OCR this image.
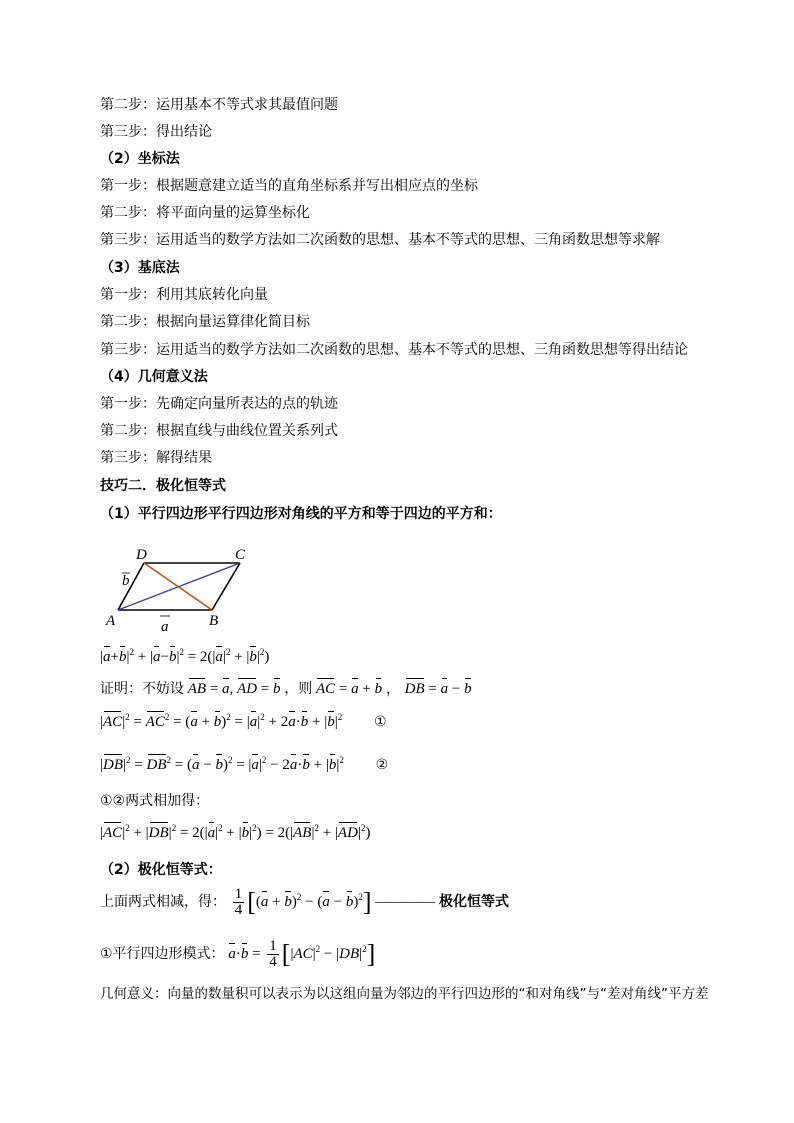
第二步：运用基本不等式求其最值问题
第三步：得出结论
（2）坐标法
第一步：根据题意建立适当的直角坐标系并写出相应点的坐标
第二步：将平面向量的运算坐标化
第三步：运用适当的数学方法如二次函数的思想、基本不等式的思想、三角函数思想等求解
（3）基底法
第一步：利用其底转化向量
第二步：根据向量运算律化简目标
第三步：运用适当的数学方法如二次函数的思想、基本不等式的思想、三角函数思想等得出结论
（4）几何意义法
第一步：先确定向量所表达的点的轨迹
第二步：根据直线与曲线位置关系列式
第三步：解得结果
技巧二．极化恒等式
（1）平行四边形平行四边形对角线的平方和等于四边的平方和：
D	C
A	B
b
a
$|a+b|^2 + |a-b|^2 = 2(|a|^2 + |b|^2)$
证明：不妨设 AB = a, AD = b ，则 AC = a + b ， DB = a − b
$|AC|^2 = AC^2 = (a + b)^2 = |a|^2 + 2a\cdot b + |b|^2$ ①
$|DB|^2 = DB^2 = (a - b)^2 = |a|^2 - 2a\cdot b + |b|^2$ ②
①②两式相加得：
$|AC|^2 + |DB|^2 = 2(|a|^2 + |b|^2) = 2(|AB|^2 + |AD|^2)$
（2）极化恒等式：
上面两式相减，得： $\frac{1}{4} [(a + b)^2 - (a - b)^2]$ ———— 极化恒等式
①平行四边形模式： $a\cdot b = \frac{1}{4} [|AC|^2 - |DB|^2]$
几何意义：向量的数量积可以表示为以这组向量为邻边的平行四边形的“和对角线”与“差对角线”平方差
